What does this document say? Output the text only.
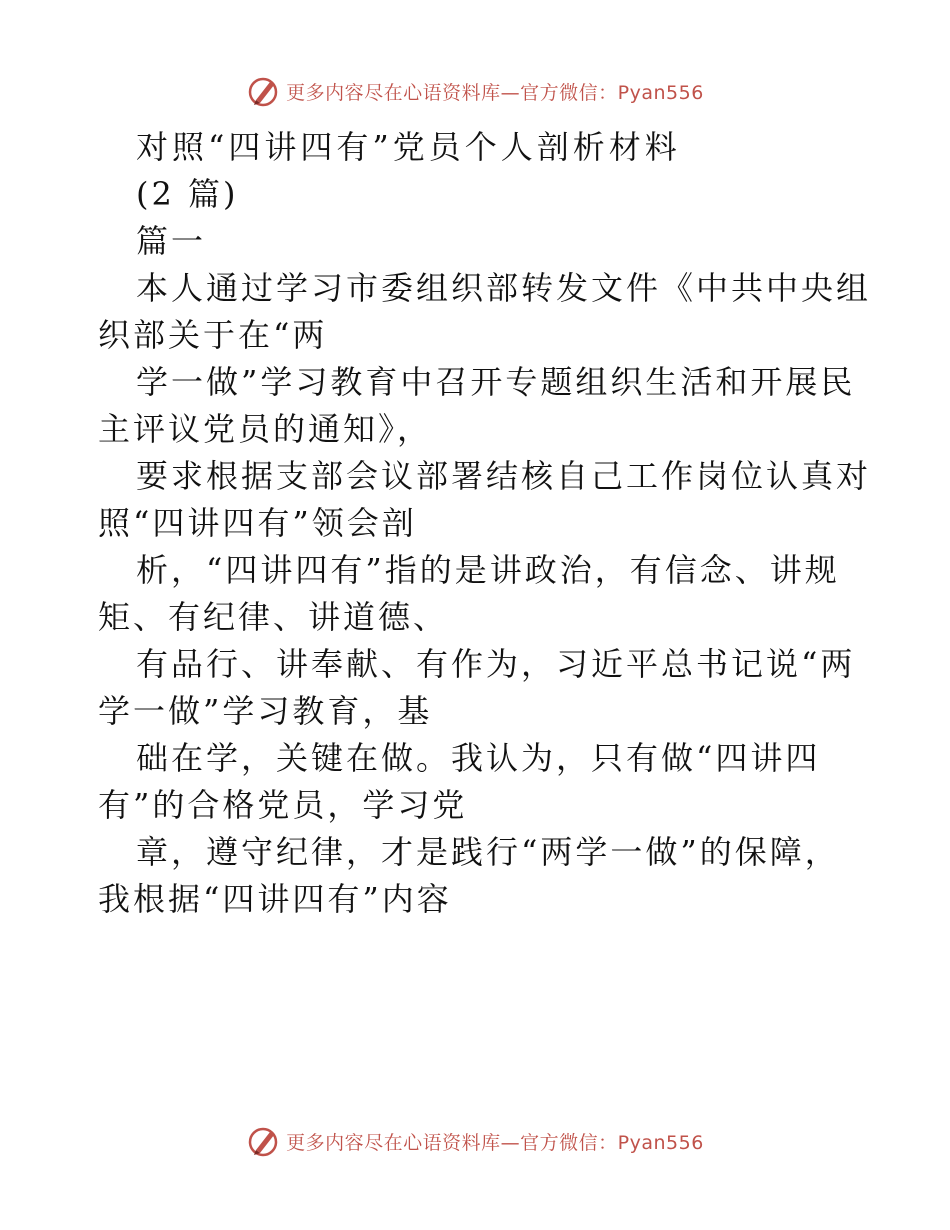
更多内容尽在心语资料库—官方微信：Pyan556
对照“四讲四有”党员个人剖析材料
(2 篇)
篇一
本人通过学习市委组织部转发文件《中共中央组
织部关于在“两
学一做”学习教育中召开专题组织生活和开展民
主评议党员的通知》，
要求根据支部会议部署结核自己工作岗位认真对
照“四讲四有”领会剖
析，“四讲四有”指的是讲政治，有信念、讲规
矩、有纪律、讲道德、
有品行、讲奉献、有作为，习近平总书记说“两
学一做”学习教育，基
础在学，关键在做。我认为，只有做“四讲四
有”的合格党员，学习党
章，遵守纪律，才是践行“两学一做”的保障，
我根据“四讲四有”内容
更多内容尽在心语资料库—官方微信：Pyan556
